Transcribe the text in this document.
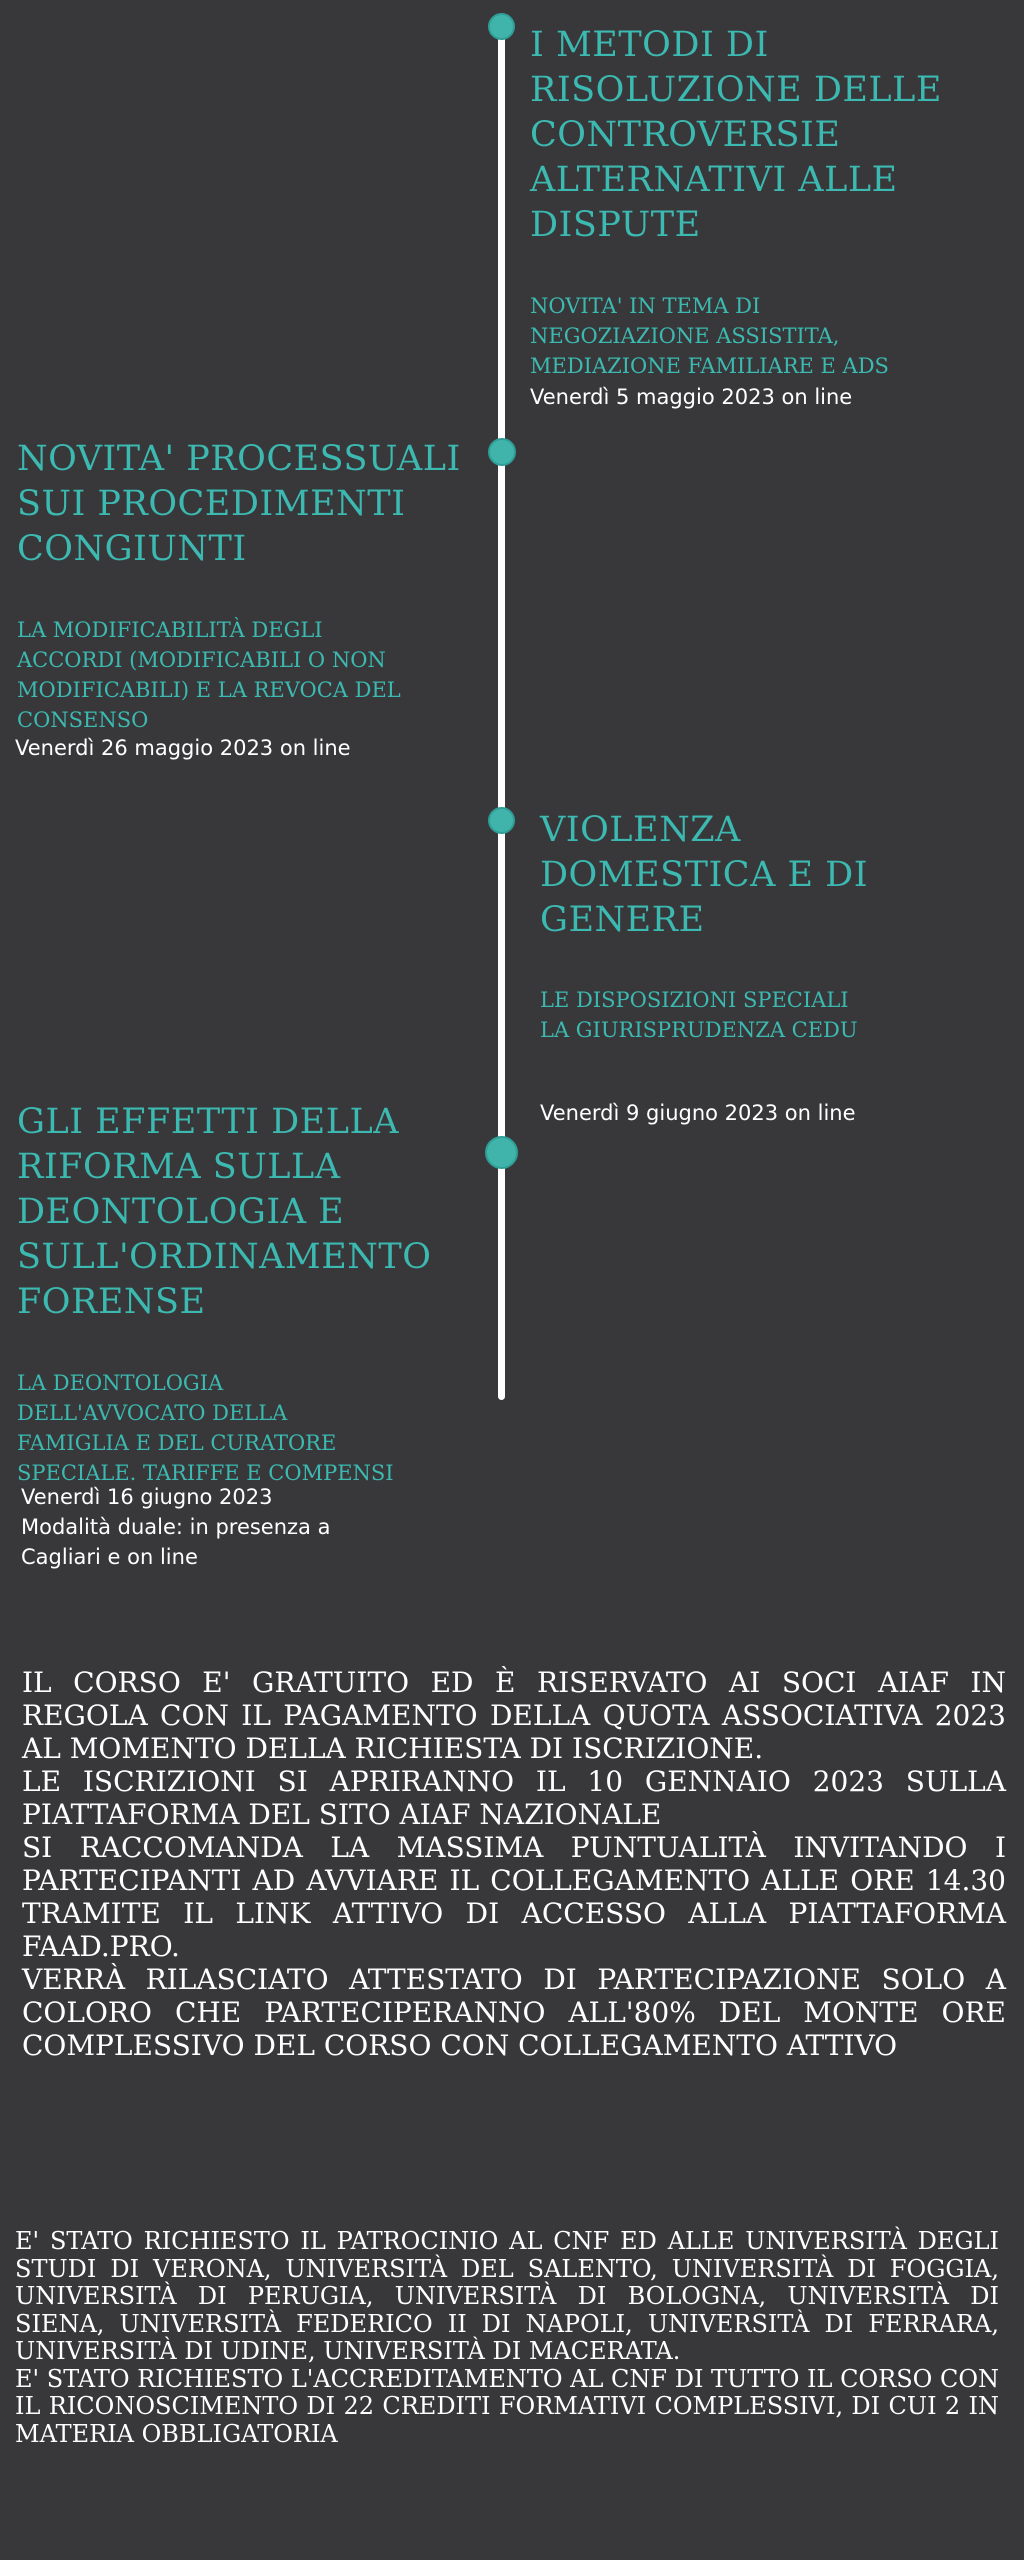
I METODI DI
RISOLUZIONE DELLE
CONTROVERSIE
ALTERNATIVI ALLE
DISPUTE

NOVITA' IN TEMA DI
NEGOZIAZIONE ASSISTITA,
MEDIAZIONE FAMILIARE E ADS

Venerdì 5 maggio 2023 on line

NOVITA' PROCESSUALI
SUI PROCEDIMENTI
CONGIUNTI

LA MODIFICABILITÀ DEGLI
ACCORDI (MODIFICABILI O NON
MODIFICABILI) E LA REVOCA DEL
CONSENSO

Venerdì 26 maggio 2023 on line

VIOLENZA
DOMESTICA E DI
GENERE

LE DISPOSIZIONI SPECIALI
LA GIURISPRUDENZA CEDU

Venerdì 9 giugno 2023 on line

GLI EFFETTI DELLA
RIFORMA SULLA
DEONTOLOGIA E
SULL'ORDINAMENTO
FORENSE

LA DEONTOLOGIA
DELL'AVVOCATO DELLA
FAMIGLIA E DEL CURATORE
SPECIALE. TARIFFE E COMPENSI

Venerdì 16 giugno 2023
Modalità duale: in presenza a
Cagliari e on line

IL CORSO E' GRATUITO ED È RISERVATO AI SOCI AIAF IN REGOLA CON IL PAGAMENTO DELLA QUOTA ASSOCIATIVA 2023 AL MOMENTO DELLA RICHIESTA DI ISCRIZIONE.

LE ISCRIZIONI SI APRIRANNO IL 10 GENNAIO 2023 SULLA PIATTAFORMA DEL SITO AIAF NAZIONALE

SI RACCOMANDA LA MASSIMA PUNTUALITÀ INVITANDO I PARTECIPANTI AD AVVIARE IL COLLEGAMENTO ALLE ORE 14.30 TRAMITE IL LINK ATTIVO DI ACCESSO ALLA PIATTAFORMA FAAD.PRO.

VERRÀ RILASCIATO ATTESTATO DI PARTECIPAZIONE SOLO A COLORO CHE PARTECIPERANNO ALL'80% DEL MONTE ORE COMPLESSIVO DEL CORSO CON COLLEGAMENTO ATTIVO

E' STATO RICHIESTO IL PATROCINIO AL CNF ED ALLE UNIVERSITÀ DEGLI STUDI DI VERONA, UNIVERSITÀ DEL SALENTO, UNIVERSITÀ DI FOGGIA, UNIVERSITÀ DI PERUGIA, UNIVERSITÀ DI BOLOGNA, UNIVERSITÀ DI SIENA, UNIVERSITÀ FEDERICO II DI NAPOLI, UNIVERSITÀ DI FERRARA, UNIVERSITÀ DI UDINE, UNIVERSITÀ DI MACERATA.

E' STATO RICHIESTO L'ACCREDITAMENTO AL CNF DI TUTTO IL CORSO CON IL RICONOSCIMENTO DI 22 CREDITI FORMATIVI COMPLESSIVI, DI CUI 2 IN MATERIA OBBLIGATORIA
